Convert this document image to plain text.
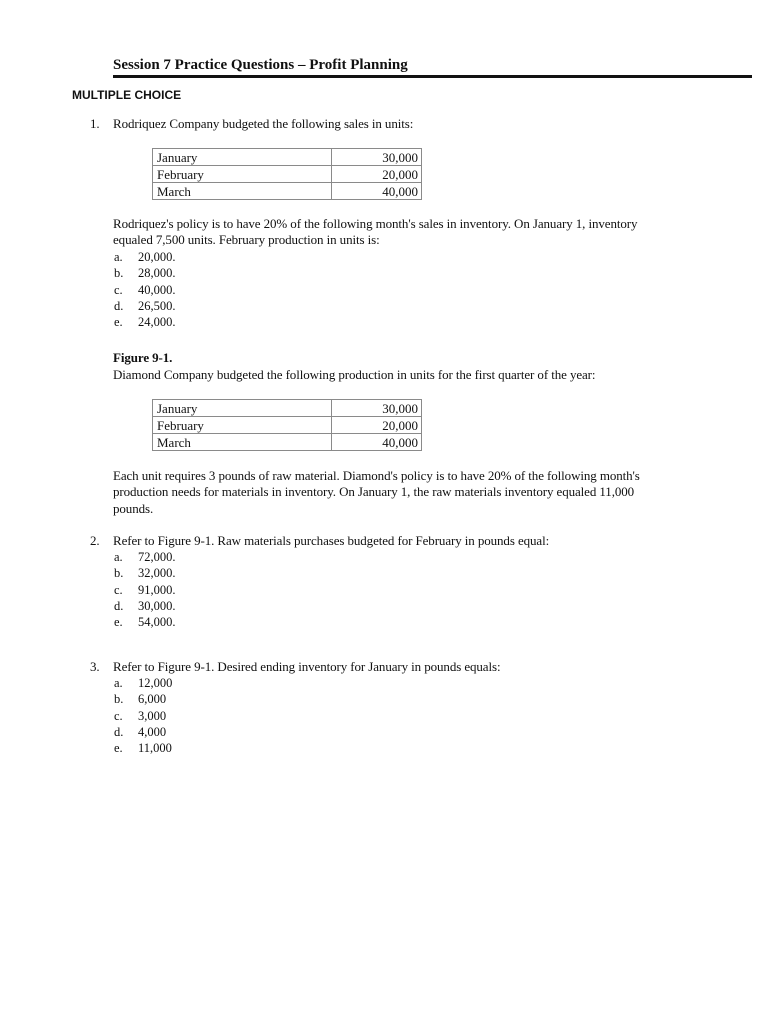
Session 7 Practice Questions – Profit Planning
MULTIPLE CHOICE
1.	Rodriquez Company budgeted the following sales in units:
January	30,000
February	20,000
March	40,000
Rodriquez's policy is to have 20% of the following month's sales in inventory. On January 1, inventory
equaled 7,500 units. February production in units is:
a.	20,000.
b.	28,000.
c.	40,000.
d.	26,500.
e.	24,000.
Figure 9-1.
Diamond Company budgeted the following production in units for the first quarter of the year:
January	30,000
February	20,000
March	40,000
Each unit requires 3 pounds of raw material. Diamond's policy is to have 20% of the following month's
production needs for materials in inventory. On January 1, the raw materials inventory equaled 11,000
pounds.
2.	Refer to Figure 9-1. Raw materials purchases budgeted for February in pounds equal:
a.	72,000.
b.	32,000.
c.	91,000.
d.	30,000.
e.	54,000.
3.	Refer to Figure 9-1. Desired ending inventory for January in pounds equals:
a.	12,000
b.	6,000
c.	3,000
d.	4,000
e.	11,000
